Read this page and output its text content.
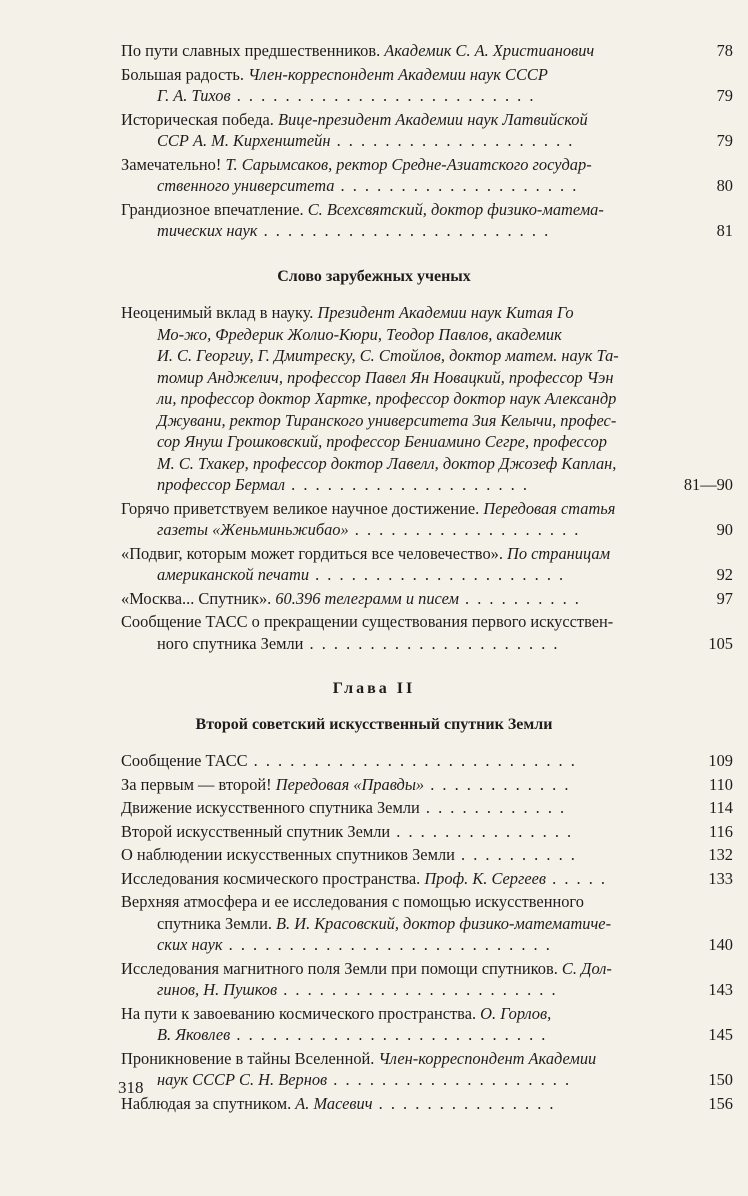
По пути славных предшественников. Академик С. А. Христианович	78
Большая радость. Член-корреспондент Академии наук СССР
Г. А. Тихов . . . . . . . . . . . . . . . . . . . . . . . . .	79
Историческая победа. Вице-президент Академии наук Латвийской
ССР А. М. Кирхенштейн . . . . . . . . . . . . . . . . . . . .	79
Замечательно! Т. Сарымсаков, ректор Средне-Азиатского государ-
ственного университета . . . . . . . . . . . . . . . . . . . .	80
Грандиозное впечатление. С. Всехсвятский, доктор физико-матема-
тических наук . . . . . . . . . . . . . . . . . . . . . . . .	81
Слово зарубежных ученых
Неоценимый вклад в науку. Президент Академии наук Китая Го
Мо-жо, Фредерик Жолио-Кюри, Теодор Павлов, академик
И. С. Георгиу, Г. Дмитреску, С. Стойлов, доктор матем. наук Та-
томир Анджелич, профессор Павел Ян Новацкий, профессор Чэн
ли, профессор доктор Хартке, профессор доктор наук Александр
Джувани, ректор Тиранского университета Зия Келычи, профес-
сор Януш Грошковский, профессор Бениамино Сегре, профессор
М. С. Тхакер, профессор доктор Лавелл, доктор Джозеф Каплан,
профессор Бермал . . . . . . . . . . . . . . . . . . . .	81—90
Горячо приветствуем великое научное достижение. Передовая статья
газеты «Женьминьжибао» . . . . . . . . . . . . . . . . . . .	90
«Подвиг, которым может гордиться все человечество». По страницам
американской печати . . . . . . . . . . . . . . . . . . . . .	92
«Москва... Спутник». 60.396 телеграмм и писем . . . . . . . . . .	97
Сообщение ТАСС о прекращении существования первого искусствен-
ного спутника Земли . . . . . . . . . . . . . . . . . . . . .	105
Глава II
Второй советский искусственный спутник Земли
Сообщение ТАСС . . . . . . . . . . . . . . . . . . . . . . . . . . .	109
За первым — второй! Передовая «Правды» . . . . . . . . . . . .	110
Движение искусственного спутника Земли . . . . . . . . . . . .	114
Второй искусственный спутник Земли . . . . . . . . . . . . . . .	116
О наблюдении искусственных спутников Земли . . . . . . . . . .	132
Исследования космического пространства. Проф. К. Сергеев . . . . .	133
Верхняя атмосфера и ее исследования с помощью искусственного
спутника Земли. В. И. Красовский, доктор физико-математиче-
ских наук . . . . . . . . . . . . . . . . . . . . . . . . . . .	140
Исследования магнитного поля Земли при помощи спутников. С. Дол-
гинов, Н. Пушков . . . . . . . . . . . . . . . . . . . . . . .	143
На пути к завоеванию космического пространства. О. Горлов,
В. Яковлев . . . . . . . . . . . . . . . . . . . . . . . . . .	145
Проникновение в тайны Вселенной. Член-корреспондент Академии
наук СССР С. Н. Вернов . . . . . . . . . . . . . . . . . . . .	150
Наблюдая за спутником. А. Масевич . . . . . . . . . . . . . . .	156
318
